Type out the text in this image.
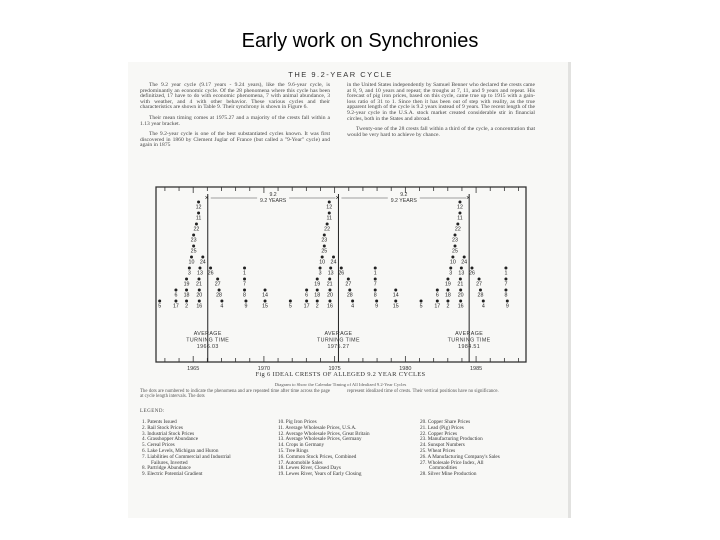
Early work on Synchronies
THE 9.2-YEAR CYCLE

The 9.2 year cycle (9.17 years - 9.24 years), like the 9.6-year cycle, is predominantly an economic cycle. Of the 28 phenomena where this cycle has been definitized, 17 have to do with economic phenomena, 7 with animal abundance, 3 with weather, and 4 with other behavior. These various cycles and their characteristics are shown in Table 9. Their synchrony is shown in Figure 6.

Their mean timing comes at 1975.27 and a majority of the crests fall within a 1.13 year bracket.

The 9.2-year cycle is one of the best substantiated cycles known. It was first discovered in 1860 by Clement Juglar of France (but called a "9-Year" cycle) and again in 1875

in the United States independently by Samuel Benner who declared the crests came at 8, 9, and 10 years and repeat; the troughs at 7, 11, and 9 years and repeat. His forecast of pig iron prices, based on this cycle, came true up to 1915 with a gain-loss ratio of 31 to 1. Since then it has been out of step with reality, as the true apparent length of the cycle is 9.2 years instead of 9 years. The recent length of the 9.2-year cycle in the U.S.A. stock market created considerable stir in financial circles, both in the States and abroad.

Twenty-one of the 28 crests fall within a third of the cycle, a concentration that would be very hard to achieve by chance.

1965	1970	1975	1980	1985
×
AVERAGE
TURNING TIME
1966.03
9.2
9.2 YEARS	×
AVERAGE
TURNING TIME
1975.27
9.2
9.2 YEARS	×
AVERAGE
TURNING TIME
1984.51
5 17
6
2
18
19
3
10
25
23
22
11
12
16
20
21
13
24
26
27
28
4
1
7
8
9
14
15	5 17
6
2
18
19
3
10
25
23
22
11
12
16
20
21
13
24
26
27
28
4
1
7
8
9
14
15	5 17
6
2
18
19
3
10
25
23
22
11
12
16
20
21
13
24
26
27
28
4
1
7
8
9
Fig 6 IDEAL CRESTS OF ALLEGED 9.2 YEAR CYCLES
Diagram to Show the Calendar Timing of All Idealized 9.2-Year Cycles
The dots are numbered to indicate the phenomena and are repeated time after time across the page at cycle length intervals. The dots
represent idealized time of crests. Their vertical positions have no significance.
LEGEND:
1. Patents Issued
2. Rail Stock Prices
3. Industrial Stock Prices
4. Grasshopper Abundance
5. Cereal Prices
6. Lake Levels, Michigan and Huron
7. Liabilities of Commercial and Industrial
Failures, Inverted
8. Partridge Abundance
9. Electric Potential Gradient
10. Pig Iron Prices
11. Average Wholesale Prices, U.S.A.
12. Average Wholesale Prices, Great Britain
13. Average Wholesale Prices, Germany
14. Crops in Germany
15. Tree Rings
16. Common Stock Prices, Combined
17. Automobile Sales
18. Lewes River, Closed Days
19. Lewes River, Years of Early Closing
20. Copper Share Prices
21. Lead (Pig) Prices
22. Copper Prices
23. Manufacturing Production
24. Sunspot Numbers
25. Wheat Prices
26. A Manufacturing Company's Sales
27. Wholesale Price Index, All
Commodities
28. Silver Mine Production
